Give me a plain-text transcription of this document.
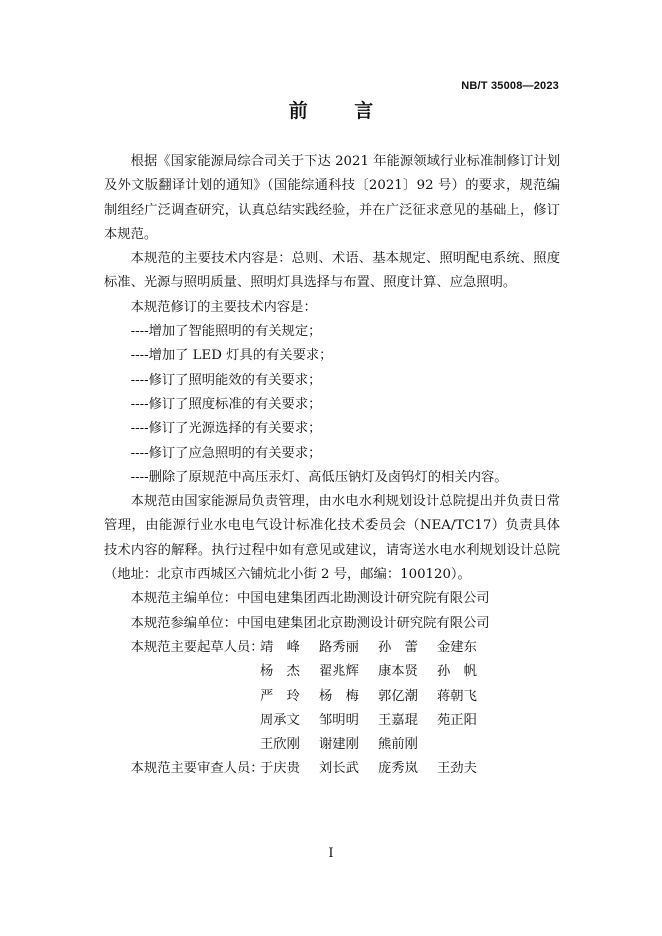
NB/T 35008—2023
前 言

根据《国家能源局综合司关于下达 2021 年能源领域行业标准制修订计划及外文版翻译计划的通知》（国能综通科技〔2021〕92 号）的要求，规范编制组经广泛调查研究，认真总结实践经验，并在广泛征求意见的基础上，修订本规范。

本规范的主要技术内容是：总则、术语、基本规定、照明配电系统、照度标准、光源与照明质量、照明灯具选择与布置、照度计算、应急照明。

本规范修订的主要技术内容是：

----增加了智能照明的有关规定；

----增加了 LED 灯具的有关要求；

----修订了照明能效的有关要求；

----修订了照度标准的有关要求；

----修订了光源选择的有关要求；

----修订了应急照明的有关要求；

----删除了原规范中高压汞灯、高低压钠灯及卤钨灯的相关内容。

本规范由国家能源局负责管理，由水电水利规划设计总院提出并负责日常管理，由能源行业水电电气设计标准化技术委员会（NEA/TC17）负责具体技术内容的解释。执行过程中如有意见或建议，请寄送水电水利规划设计总院（地址：北京市西城区六铺炕北小街 2 号，邮编：100120）。

本规范主编单位：中国电建集团西北勘测设计研究院有限公司

本规范参编单位：中国电建集团北京勘测设计研究院有限公司

本规范主要起草人员：
靖　峰	路秀丽	孙　蕾	金建东
杨　杰	翟兆辉	康本贤	孙　帆
严　玲	杨　梅	郭亿潮	蒋朝飞
周承文	邹明明	王嘉琨	苑正阳
王欣刚	谢建刚	熊前刚
本规范主要审查人员：
于庆贵	刘长武	庞秀岚	王劲夫
I
